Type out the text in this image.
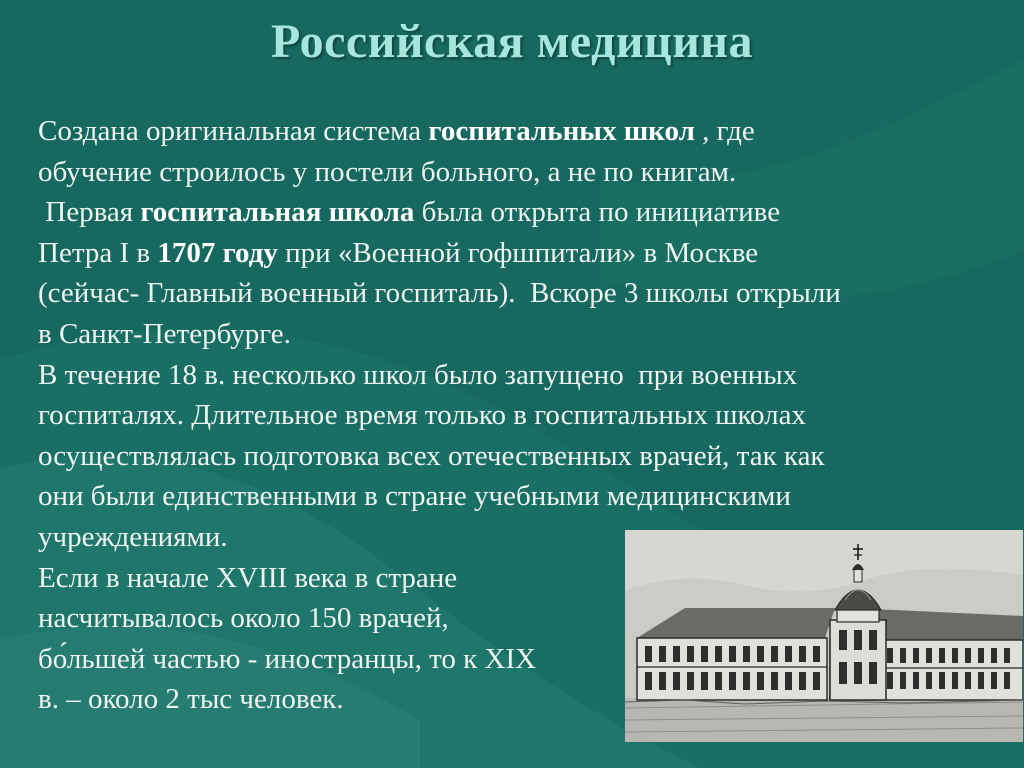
Российская медицина
Создана оригинальная система госпитальных школ , где
обучение строилось у постели больного, а не по книгам.
Первая госпитальная школа была открыта по инициативе
Петра I в 1707 году при «Военной гофшпитали» в Москве
(сейчас- Главный военный госпиталь).  Вскоре 3 школы открыли
в Санкт-Петербурге.
В течение 18 в. несколько школ было запущено  при военных
госпиталях. Длительное время только в госпитальных школах
осуществлялась подготовка всех отечественных врачей, так как
они были единственными в стране учебными медицинскими
учреждениями.
Если в начале XVIII века в стране
насчитывалось около 150 врачей,
бо́льшей частью - иностранцы, то к XIX
в. – около 2 тыс человек.
